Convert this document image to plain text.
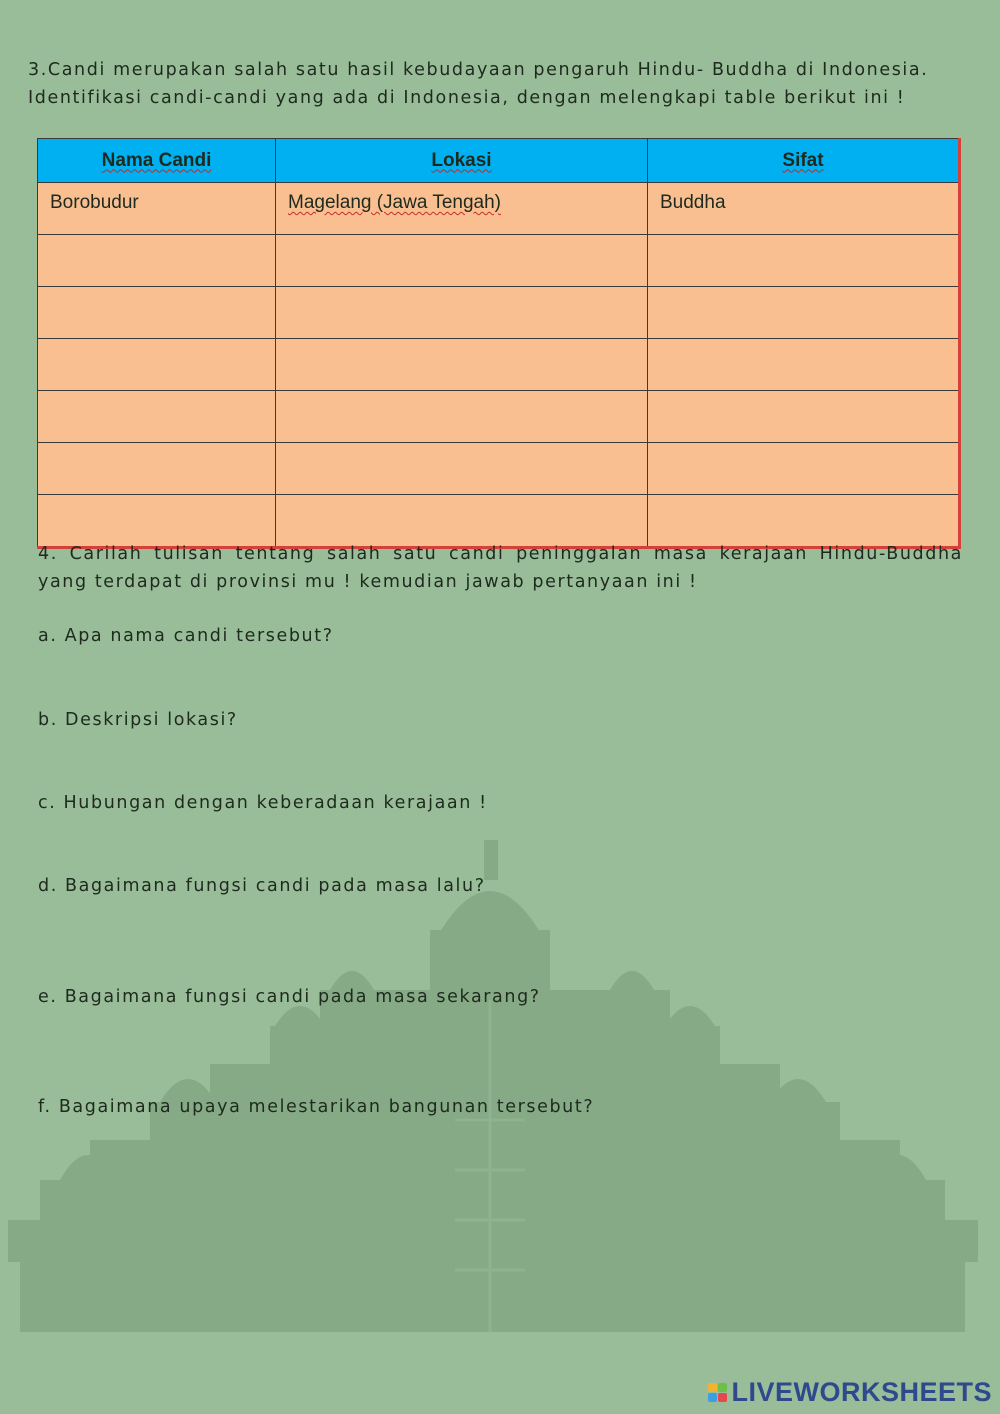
3.Candi merupakan salah satu hasil kebudayaan pengaruh Hindu- Buddha di Indonesia.
Identifikasi candi-candi yang ada di Indonesia, dengan melengkapi table berikut ini !
Nama Candi	Lokasi	Sifat
Borobudur	Magelang (Jawa Tengah)	Buddha

4. Carilah tulisan tentang salah satu candi peninggalan masa kerajaan Hindu-Buddha yang terdapat di provinsi mu ! kemudian jawab pertanyaan ini !
a. Apa nama candi tersebut?
b. Deskripsi lokasi?
c. Hubungan dengan keberadaan kerajaan !
d. Bagaimana fungsi candi pada masa lalu?
e. Bagaimana fungsi candi pada masa sekarang?
f. Bagaimana upaya melestarikan bangunan tersebut?
LIVEWORKSHEETS
